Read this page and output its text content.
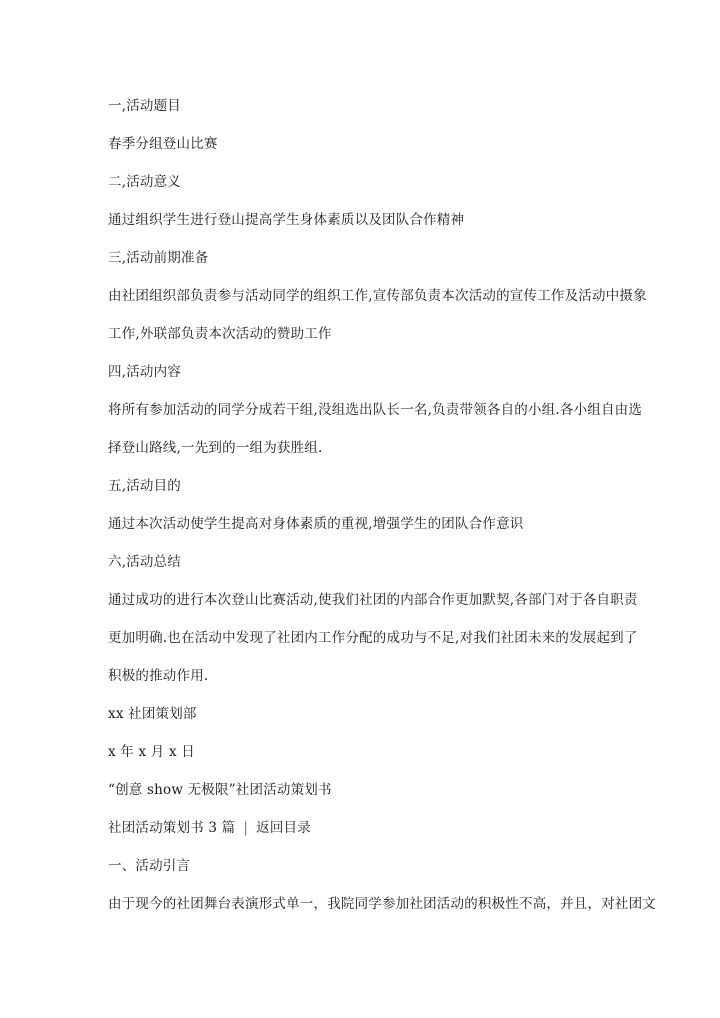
一,活动题目
春季分组登山比赛
二,活动意义
通过组织学生进行登山提高学生身体素质以及团队合作精神
三,活动前期准备
由社团组织部负责参与活动同学的组织工作,宣传部负责本次活动的宣传工作及活动中摄象
工作,外联部负责本次活动的赞助工作
四,活动内容
将所有参加活动的同学分成若干组,没组选出队长一名,负责带领各自的小组.各小组自由选
择登山路线,一先到的一组为获胜组.
五,活动目的
通过本次活动使学生提高对身体素质的重视,增强学生的团队合作意识
六,活动总结
通过成功的进行本次登山比赛活动,使我们社团的内部合作更加默契,各部门对于各自职责
更加明确.也在活动中发现了社团内工作分配的成功与不足,对我们社团未来的发展起到了
积极的推动作用.
xx 社团策划部
x 年 x 月 x 日
“创意 show 无极限”社团活动策划书
社团活动策划书 3 篇 | 返回目录
一、活动引言
由于现今的社团舞台表演形式单一，我院同学参加社团活动的积极性不高，并且，对社团文
